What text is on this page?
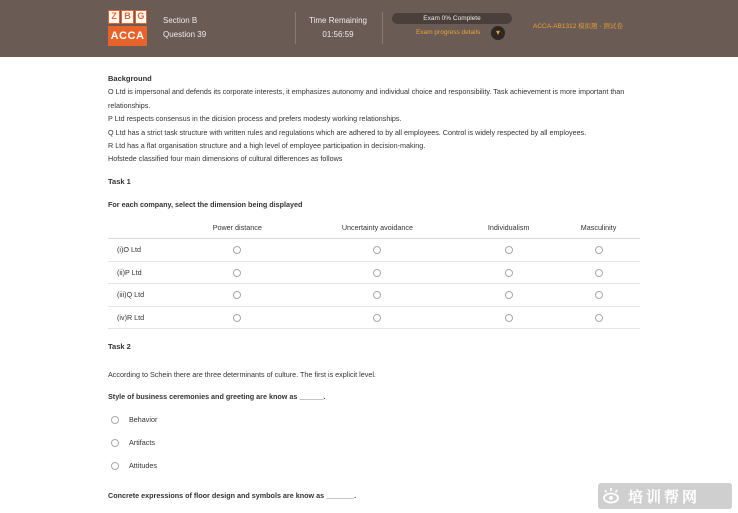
Z B G
ACCA
Section B
Question 39
Time Remaining
01:56:59
Exam 0% Complete
Exam progress details	▾
ACCA-AB1312 模拟题 - 测试卷
Background
O Ltd is impersonal and defends its corporate interests, it emphasizes autonomy and individual choice and responsibility. Task achievement is more important than relationships.
P Ltd respects consensus in the dicision process and prefers modesty working relationships.
Q Ltd has a strict task structure with written rules and regulations which are adhered to by all employees. Control is widely respected by all employees.
R Ltd has a flat organisation structure and a high level of employee participation in decision-making.
Hofstede classified four main dimensions of cultural differences as follows
Task 1
For each company, select the dimension being displayed
	Power distance	Uncertainty avoidance	Individualism	Masculinity
(i)O Ltd				
(ii)P Ltd				
(iii)Q Ltd				
(iv)R Ltd				
Task 2
According to Schein there are three determinants of culture. The first is explicit level.
Style of business ceremonies and greeting are know as ______.
Behavior
Artifacts
Attitudes
Concrete expressions of floor design and symbols are know as _______.	培训帮网
